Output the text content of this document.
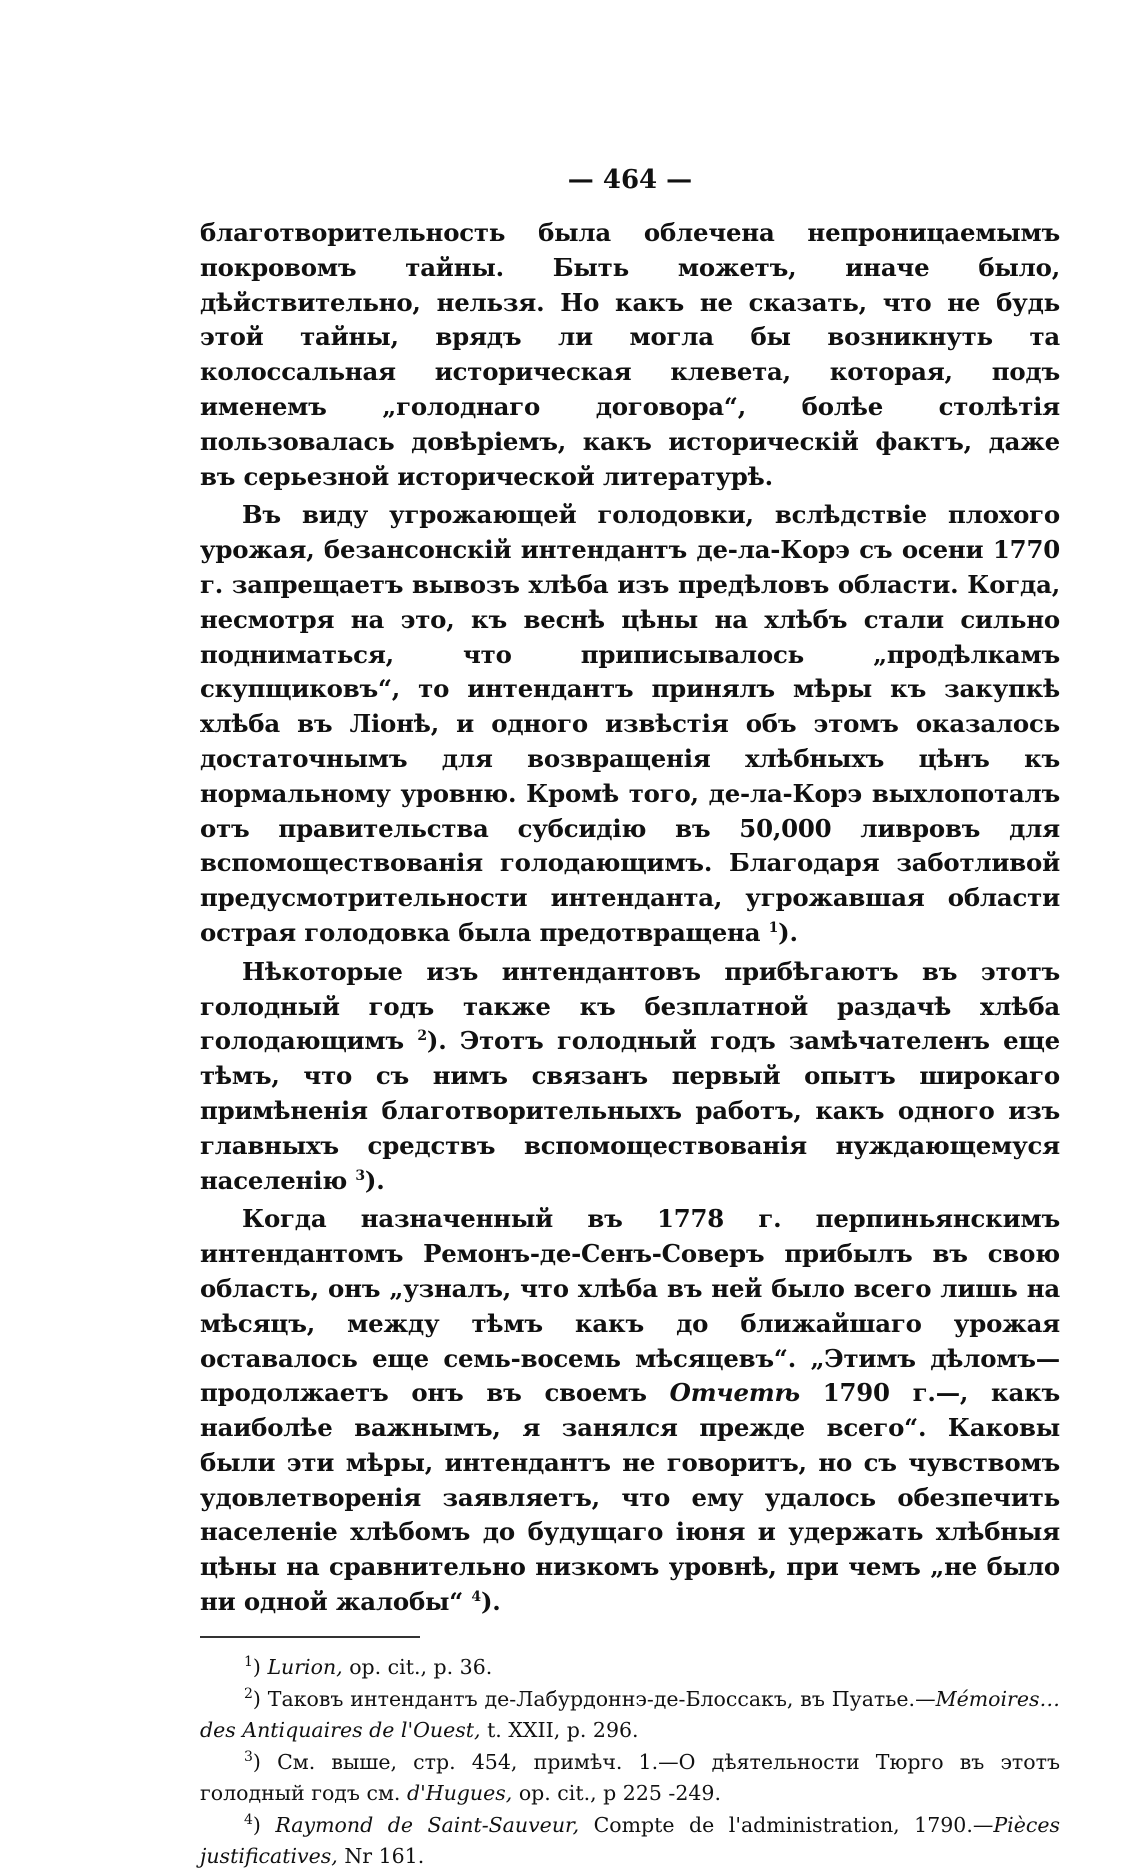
— 464 —

благотворительность была облечена непроницаемымъ покровомъ тайны. Быть можетъ, иначе было, дѣйствительно, нельзя. Но какъ не сказать, что не будь этой тайны, врядъ ли могла бы возникнуть та колоссальная историческая клевета, которая, подъ именемъ „голоднаго договора“, болѣе столѣтія пользовалась довѣріемъ, какъ историческій фактъ, даже въ серьезной исторической литературѣ.

Въ виду угрожающей голодовки, вслѣдствіе плохого урожая, безансонскій интендантъ де-ла-Корэ съ осени 1770 г. запрещаетъ вывозъ хлѣба изъ предѣловъ области. Когда, несмотря на это, къ веснѣ цѣны на хлѣбъ стали сильно подниматься, что приписывалось „продѣлкамъ скупщиковъ“, то интендантъ принялъ мѣры къ закупкѣ хлѣба въ Ліонѣ, и одного извѣстія объ этомъ оказалось достаточнымъ для возвращенія хлѣбныхъ цѣнъ къ нормальному уровню. Кромѣ того, де-ла-Корэ выхлопоталъ отъ правительства субсидію въ 50,000 ливровъ для вспомоществованія голодающимъ. Благодаря заботливой предусмотрительности интенданта, угрожавшая области острая голодовка была предотвращена $^1$).

Нѣкоторые изъ интендантовъ прибѣгаютъ въ этотъ голодный годъ также къ безплатной раздачѣ хлѣба голодающимъ $^2$). Этотъ голодный годъ замѣчателенъ еще тѣмъ, что съ нимъ связанъ первый опытъ широкаго примѣненія благотворительныхъ работъ, какъ одного изъ главныхъ средствъ вспомоществованія нуждающемуся населенію $^3$).

Когда назначенный въ 1778 г. перпиньянскимъ интендантомъ Ремонъ-де-Сенъ-Соверъ прибылъ въ свою область, онъ „узналъ, что хлѣба въ ней было всего лишь на мѣсяцъ, между тѣмъ какъ до ближайшаго урожая оставалось еще семь-восемь мѣсяцевъ“. „Этимъ дѣломъ—продолжаетъ онъ въ своемъ Отчетѣ 1790 г.—, какъ наиболѣе важнымъ, я занялся прежде всего“. Каковы были эти мѣры, интендантъ не говоритъ, но съ чувствомъ удовлетворенія заявляетъ, что ему удалось обезпечить населеніе хлѣбомъ до будущаго іюня и удержать хлѣбныя цѣны на сравнительно низкомъ уровнѣ, при чемъ „не было ни одной жалобы“ $^4$).

$^1$) Lurion, op. cit., p. 36.

$^2$) Таковъ интендантъ де-Лабурдоннэ-де-Блоссакъ, въ Пуатье.—Mémoires… des Antiquaires de l'Ouest, t. XXII, p. 296.

$^3$) См. выше, стр. 454, примѣч. 1.—О дѣятельности Тюрго въ этотъ голодный годъ см. d'Hugues, op. cit., p 225 -249.

$^4$) Raymond de Saint-Sauveur, Compte de l'administration, 1790.—Pièces justificatives, Nr 161.
